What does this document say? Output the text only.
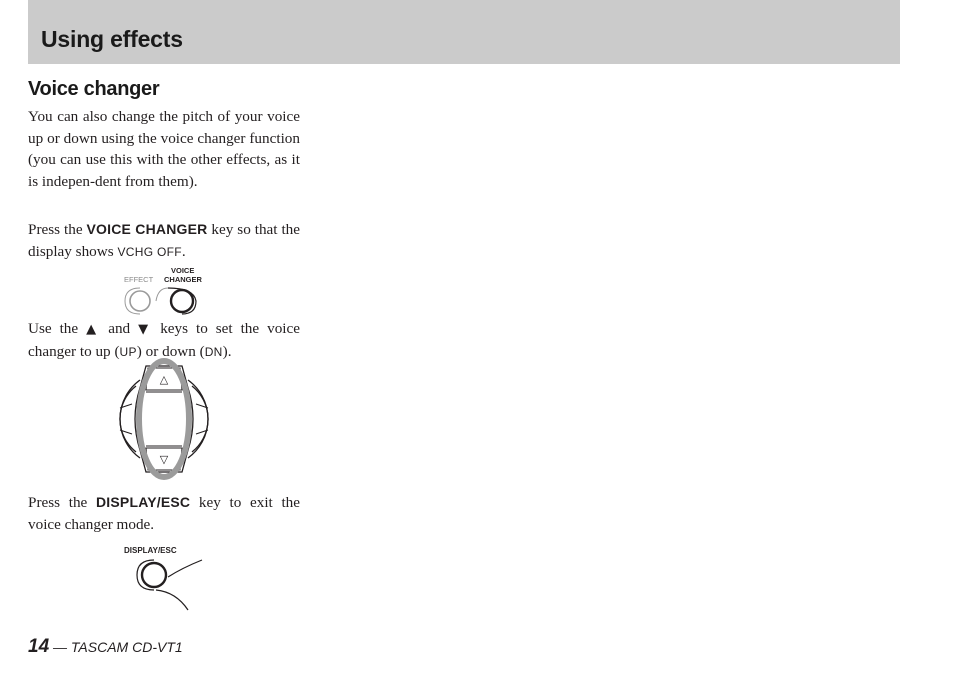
Using effects
Voice changer
You can also change the pitch of your voice up or down using the voice changer function (you can use this with the other effects, as it is indepen-dent from them).
Press the VOICE CHANGER key so that the display shows VCHG OFF.
EFFECT
VOICE
CHANGER
Use the ▲ and ▼ keys to set the voice changer to up (UP) or down (DN).
△
▽
Press the DISPLAY/ESC key to exit the voice changer mode.
DISPLAY/ESC
14 — TASCAM CD-VT1
